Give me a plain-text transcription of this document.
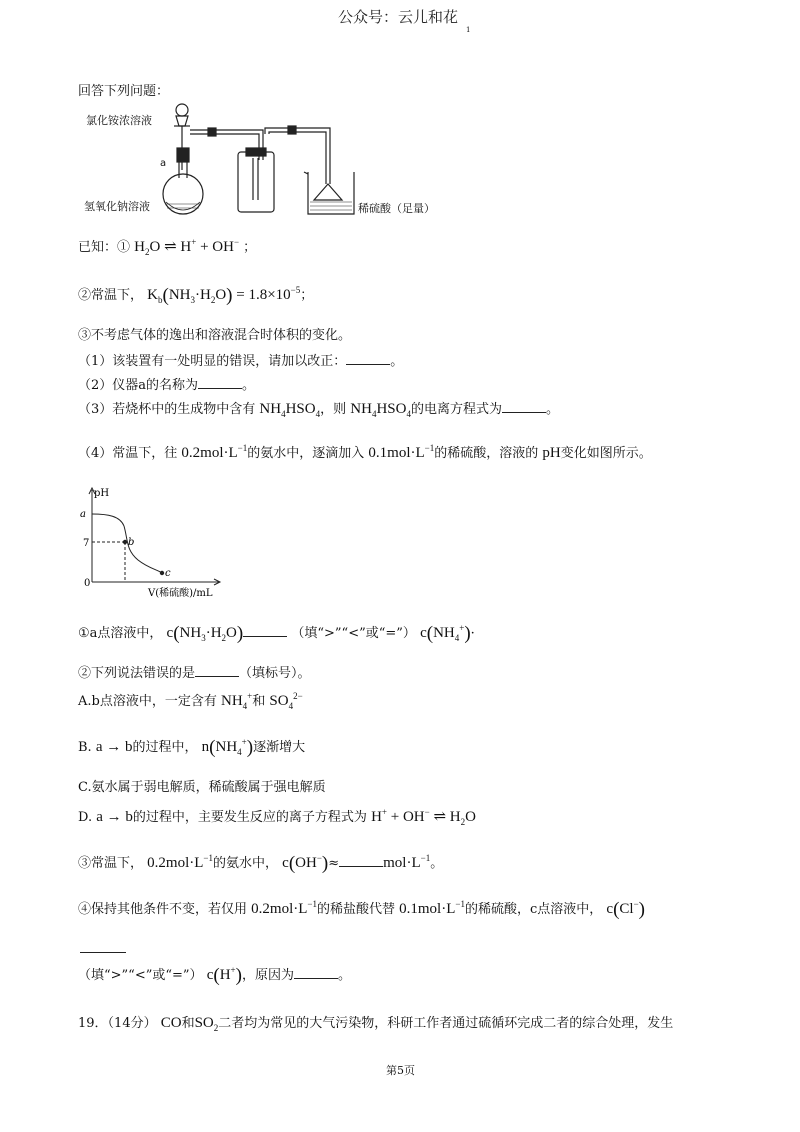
公众号：云儿和花
1
回答下列问题：
氯化铵浓溶液
a
氢氧化钠溶液	稀硫酸（足量）
已知：① $H_2O$ ⇌ H+ + OH− ；
②常温下， $K_b(NH_3\cdot H_2O) = 1.8\times 10^{-5}$；
③不考虑气体的逸出和溶液混合时体积的变化。
（1）该装置有一处明显的错误，请加以改正：	。
（2）仪器a的名称为	。
（3）若烧杯中的生成物中含有 $NH_4HSO_4$，则 $NH_4HSO_4$的电离方程式为	。
（4）常温下，往 $0.2mol\cdot L^{-1}$的氨水中，逐滴加入 $0.1mol\cdot L^{-1}$的稀硫酸，溶液的 pH变化如图所示。
pH
a
7	b
0
c
V(稀硫酸)/mL
①a点溶液中， $c(NH_3\cdot H_2O)$	（填“>”“<”或“=”） $c(NH_4^+)\cdot$
②下列说法错误的是	（填标号）。
A.b点溶液中，一定含有 $NH_4^+$和 $SO_4^{2-}$
B. a → b的过程中， $n(NH_4^+)$逐渐增大
C.氨水属于弱电解质，稀硫酸属于强电解质
D. a → b的过程中，主要发生反应的离子方程式为 H+ + OH− ⇌ $H_2O$
③常温下， $0.2mol\cdot L^{-1}$的氨水中， c(OH−)≈	$mol\cdot L^{-1}$。
④保持其他条件不变，若仅用 $0.2mol\cdot L^{-1}$的稀盐酸代替 $0.1mol\cdot L^{-1}$的稀硫酸，c点溶液中， c(Cl−)
（填“>”“<”或“=”） c(H+)，原因为	。
19．（14分） CO和$SO_2$二者均为常见的大气污染物，科研工作者通过硫循环完成二者的综合处理，发生
第5页
